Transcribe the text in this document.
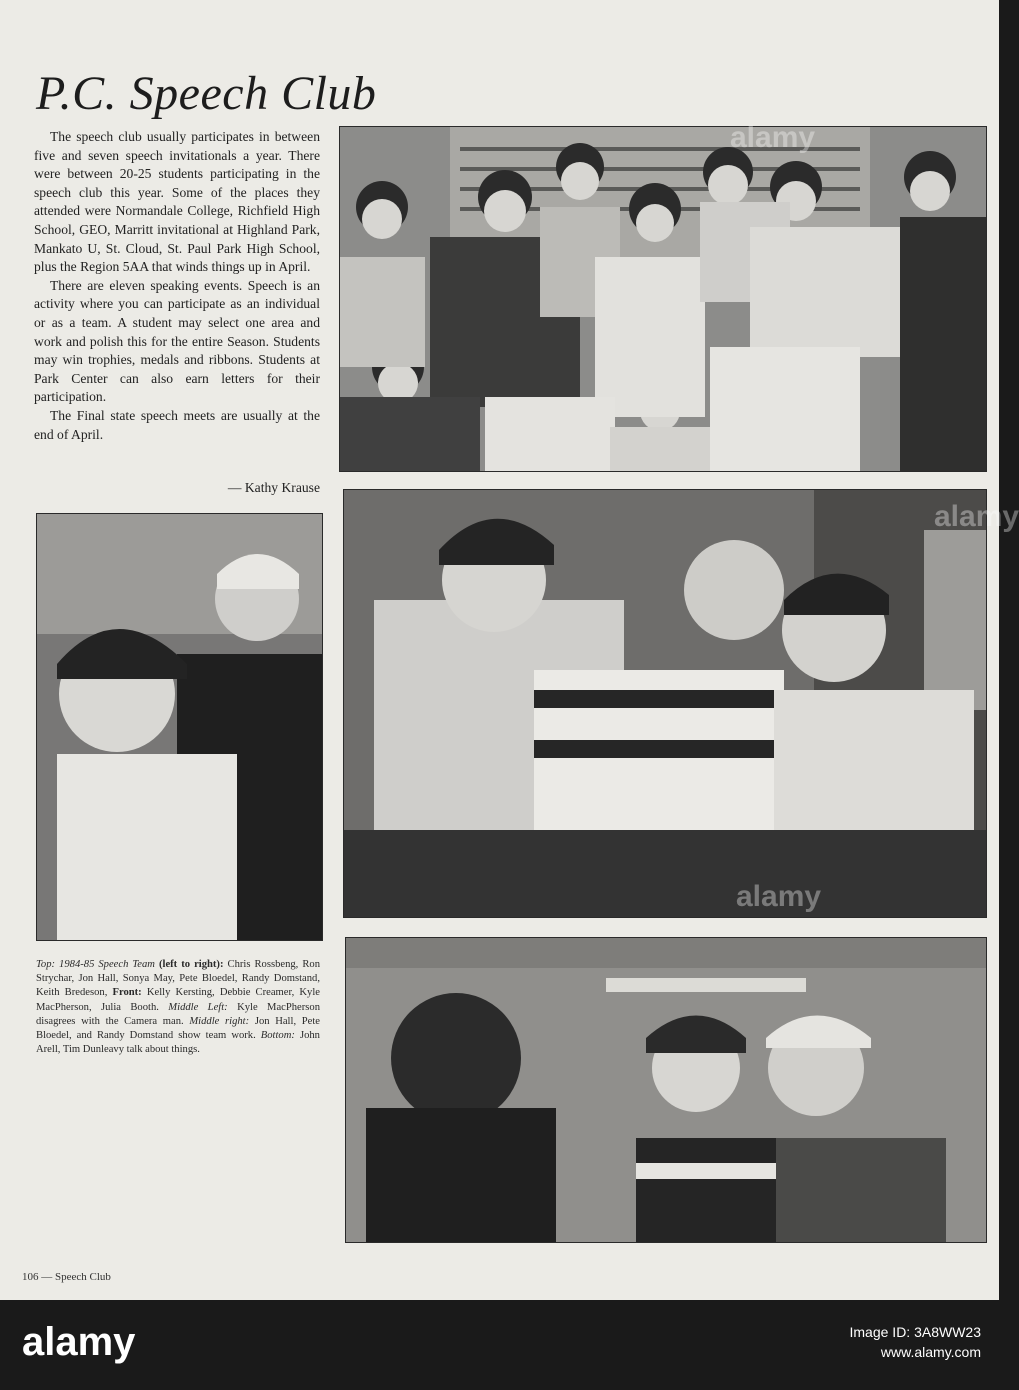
P.C. Speech Club

The speech club usually participates in between five and seven speech invitationals a year. There were between 20-25 students participating in the speech club this year. Some of the places they attended were Normandale College, Richfield High School, GEO, Marritt invitational at Highland Park, Mankato U, St. Cloud, St. Paul Park High School, plus the Region 5AA that winds things up in April.

There are eleven speaking events. Speech is an activity where you can participate as an individual or as a team. A student may select one area and work and polish this for the entire Season. Students may win trophies, medals and ribbons. Students at Park Center can also earn letters for their participation.

The Final state speech meets are usually at the end of April.

— Kathy Krause
alamy
alamy
alamy
Top: 1984-85 Speech Team (left to right): Chris Rossbeng, Ron Strychar, Jon Hall, Sonya May, Pete Bloedel, Randy Domstand, Keith Bredeson, Front: Kelly Kersting, Debbie Creamer, Kyle MacPherson, Julia Booth. Middle Left: Kyle MacPherson disagrees with the Camera man. Middle right: Jon Hall, Pete Bloedel, and Randy Domstand show team work. Bottom: John Arell, Tim Dunleavy talk about things.
106 — Speech Club
alamy	Image ID: 3A8WW23
www.alamy.com
